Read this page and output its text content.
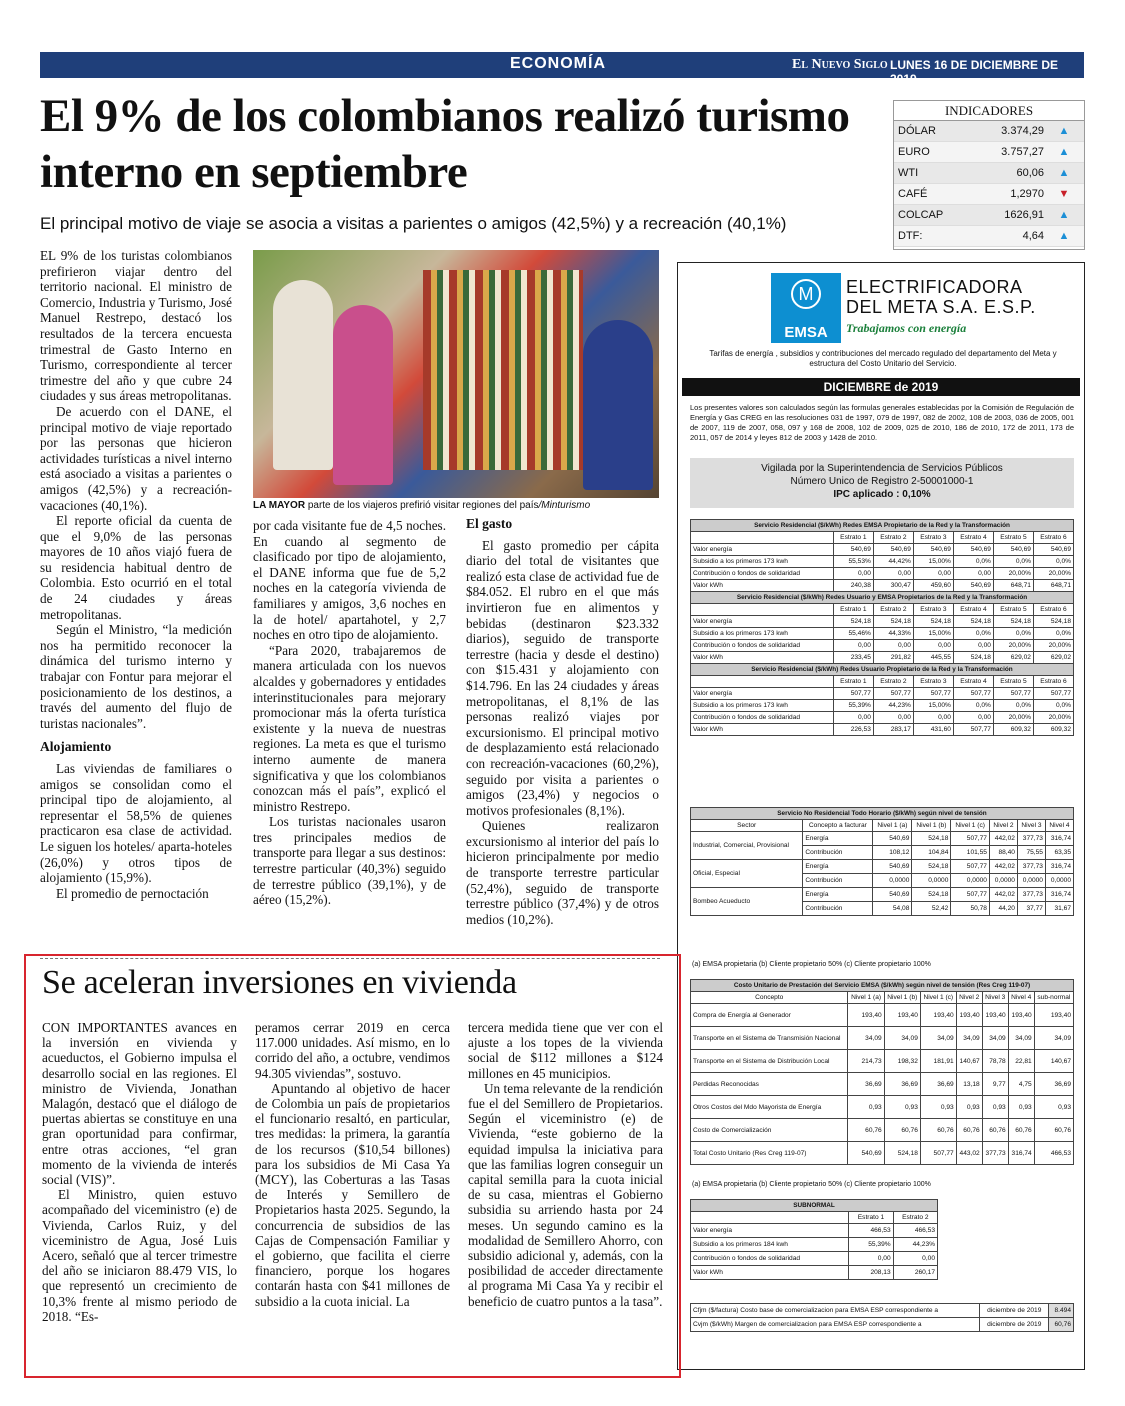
ECONOMÍA	El Nuevo Siglo LUNES 16 DE DICIEMBRE DE 2019
3B
El 9% de los colombianos realizó turismo interno en septiembre
El principal motivo de viaje se asocia a visitas a parientes o amigos (42,5%) y a recreación (40,1%)
INDICADORES
DÓLAR	3.374,29	▲
EURO	3.757,27	▲
WTI	60,06	▲
CAFÉ	1,2970	▼
COLCAP	1626,91	▲
DTF:	4,64	▲

EL 9% de los turistas colombianos prefirieron viajar dentro del territorio nacional. El ministro de Comercio, Industria y Turismo, José Manuel Restrepo, destacó los resultados de la tercera encuesta trimestral de Gasto Interno en Turismo, correspondiente al tercer trimestre del año y que cubre 24 ciudades y sus áreas metropolitanas.

De acuerdo con el DANE, el principal motivo de viaje reportado por las personas que hicieron actividades turísticas a nivel interno está asociado a visitas a parientes o amigos (42,5%) y a recreación-vacaciones (40,1%).

El reporte oficial da cuenta de que el 9,0% de las personas mayores de 10 años viajó fuera de su residencia habitual dentro de Colombia. Esto ocurrió en el total de 24 ciudades y áreas metropolitanas.

Según el Ministro, “la medición nos ha permitido reconocer la dinámica del turismo interno y trabajar con Fontur para mejorar el posicionamiento de los destinos, a través del aumento del flujo de turistas nacionales”.

Alojamiento

Las viviendas de familiares o amigos se consolidan como el principal tipo de alojamiento, al representar el 58,5% de quienes practicaron esa clase de actividad. Le siguen los hoteles/ aparta-hoteles (26,0%) y otros tipos de alojamiento (15,9%).

El promedio de pernoctación

LA MAYOR parte de los viajeros prefirió visitar regiones del país/Minturismo

por cada visitante fue de 4,5 noches. En cuando al segmento de clasificado por tipo de alojamiento, el DANE informa que fue de 5,2 noches en la categoría vivienda de familiares y amigos, 3,6 noches en la de hotel/ apartahotel, y 2,7 noches en otro tipo de alojamiento.

“Para 2020, trabajaremos de manera articulada con los nuevos alcaldes y gobernadores y entidades interinstitucionales para mejorary promocionar más la oferta turística existente y la nueva de nuestras regiones. La meta es que el turismo interno aumente de manera significativa y que los colombianos conozcan más el país”, explicó el ministro Restrepo.

Los turistas nacionales usaron tres principales medios de transporte para llegar a sus destinos: terrestre particular (40,3%) seguido de terrestre público (39,1%), y de aéreo (15,2%).

El gasto

El gasto promedio per cápita diario del total de visitantes que realizó esta clase de actividad fue de $84.052. El rubro en el que más invirtieron fue en alimentos y bebidas (destinaron $23.332 diarios), seguido de transporte terrestre (hacia y desde el destino) con $15.431 y alojamiento con $14.796. En las 24 ciudades y áreas metropolitanas, el 8,1% de las personas realizó viajes por excursionismo. El principal motivo de desplazamiento está relacionado con recreación-vacaciones (60,2%), seguido por visita a parientes o amigos (23,4%) y negocios o motivos profesionales (8,1%).

Quienes realizaron excursionismo al interior del país lo hicieron principalmente por medio de transporte terrestre particular (52,4%), seguido de transporte terrestre público (37,4%) y de otros medios (10,2%).

M
EMSA
ELECTRIFICADORA
DEL META S.A. E.S.P.
Trabajamos con energía
Tarifas de energía , subsidios y contribuciones del mercado regulado del departamento del Meta y estructura del Costo Unitario del Servicio.
DICIEMBRE de 2019
Los presentes valores son calculados según las formulas generales establecidas por la Comisión de Regulación de Energía y Gas CREG en las resoluciones 031 de 1997, 079 de 1997, 082 de 2002, 108 de 2003, 036 de 2005, 001 de 2007, 119 de 2007, 058, 097 y 168 de 2008, 102 de 2009, 025 de 2010, 186 de 2010, 172 de 2011, 173 de 2011, 057 de 2014 y leyes 812 de 2003 y 1428 de 2010.
Vigilada por la Superintendencia de Servicios Públicos
Número Unico de Registro 2-50001000-1
IPC aplicado : 0,10%
Servicio Residencial ($/kWh) Redes EMSA Propietario de la Red y la Transformación						
	Estrato 1	Estrato 2	Estrato 3	Estrato 4	Estrato 5	Estrato 6
Valor energía	540,69	540,69	540,69	540,69	540,69	540,69
Subsidio a los primeros 173 kwh	55,53%	44,42%	15,00%	0,0%	0,0%	0,0%
Contribución o fondos de solidaridad	0,00	0,00	0,00	0,00	20,00%	20,00%
Valor kWh	240,38	300,47	459,60	540,69	648,71	648,71
Servicio Residencial ($/kWh) Redes Usuario y EMSA Propietarios de la Red y la Transformación						
	Estrato 1	Estrato 2	Estrato 3	Estrato 4	Estrato 5	Estrato 6
Valor energía	524,18	524,18	524,18	524,18	524,18	524,18
Subsidio a los primeros 173 kwh	55,46%	44,33%	15,00%	0,0%	0,0%	0,0%
Contribución o fondos de solidaridad	0,00	0,00	0,00	0,00	20,00%	20,00%
Valor kWh	233,45	291,82	445,55	524,18	629,02	629,02
Servicio Residencial ($/kWh) Redes Usuario Propietario de la Red y la Transformación						
	Estrato 1	Estrato 2	Estrato 3	Estrato 4	Estrato 5	Estrato 6
Valor energía	507,77	507,77	507,77	507,77	507,77	507,77
Subsidio a los primeros 173 kwh	55,39%	44,23%	15,00%	0,0%	0,0%	0,0%
Contribución o fondos de solidaridad	0,00	0,00	0,00	0,00	20,00%	20,00%
Valor kWh	226,53	283,17	431,60	507,77	609,32	609,32
Servicio No Residencial Todo Horario ($/kWh) según nivel de tensión							
Sector	Concepto a facturar	Nivel 1 (a)	Nivel 1 (b)	Nivel 1 (c)	Nivel 2	Nivel 3	Nivel 4
Industrial, Comercial, Provisional	Energía	540,69	524,18	507,77	442,02	377,73	316,74
	Contribución	108,12	104,84	101,55	88,40	75,55	63,35
Oficial, Especial	Energía	540,69	524,18	507,77	442,02	377,73	316,74
	Contribución	0,0000	0,0000	0,0000	0,0000	0,0000	0,0000
Bombeo Acueducto	Energía	540,69	524,18	507,77	442,02	377,73	316,74
	Contribución	54,08	52,42	50,78	44,20	37,77	31,67
(a) EMSA propietaria (b) Cliente propietario 50% (c) Cliente propietario 100%
Costo Unitario de Prestación del Servicio EMSA ($/kWh) según nivel de tensión (Res Creg 119-07)							
Concepto	Nivel 1 (a)	Nivel 1 (b)	Nivel 1 (c)	Nivel 2	Nivel 3	Nivel 4	sub-normal
Compra de Energía al Generador	193,40	193,40	193,40	193,40	193,40	193,40	193,40
Transporte en el Sistema de Transmisión Nacional	34,09	34,09	34,09	34,09	34,09	34,09	34,09
Transporte en el Sistema de Distribución Local	214,73	198,32	181,91	140,67	78,78	22,81	140,67
Perdidas Reconocidas	36,69	36,69	36,69	13,18	9,77	4,75	36,69
Otros Costos del Mdo Mayorista de Energía	0,93	0,93	0,93	0,93	0,93	0,93	0,93
Costo de Comercialización	60,76	60,76	60,76	60,76	60,76	60,76	60,76
Total Costo Unitario (Res Creg 119-07)	540,69	524,18	507,77	443,02	377,73	316,74	466,53
(a) EMSA propietaria (b) Cliente propietario 50% (c) Cliente propietario 100%
SUBNORMAL		
	Estrato 1	Estrato 2
Valor energía	466,53	466,53
Subsidio a los primeros 184 kwh	55,39%	44,23%
Contribución o fondos de solidaridad	0,00	0,00
Valor kWh	208,13	260,17
Cfjm ($/factura) Costo base de comercializacion para EMSA ESP correspondiente a	diciembre de 2019	8.494
Cvjm ($/kWh) Margen de comercializacion para EMSA ESP correspondiente a	diciembre de 2019	60,76
Se aceleran inversiones en vivienda

CON IMPORTANTES avances en la inversión en vivienda y acueductos, el Gobierno impulsa el desarrollo social en las regiones. El ministro de Vivienda, Jonathan Malagón, destacó que el diálogo de puertas abiertas se constituye en una gran oportunidad para confirmar, entre otras acciones, “el gran momento de la vivienda de interés social (VIS)”.

El Ministro, quien estuvo acompañado del viceministro (e) de Vivienda, Carlos Ruiz, y del viceministro de Agua, José Luis Acero, señaló que al tercer trimestre del año se iniciaron 88.479 VIS, lo que representó un crecimiento de 10,3% frente al mismo periodo de 2018. “Es-

peramos cerrar 2019 en cerca 117.000 unidades. Así mismo, en lo corrido del año, a octubre, vendimos 94.305 viviendas”, sostuvo.

Apuntando al objetivo de hacer de Colombia un país de propietarios el funcionario resaltó, en particular, tres medidas: la primera, la garantía de los recursos ($10,54 billones) para los subsidios de Mi Casa Ya (MCY), las Coberturas a las Tasas de Interés y Semillero de Propietarios hasta 2025. Segundo, la concurrencia de subsidios de las Cajas de Compensación Familiar y el gobierno, que facilita el cierre financiero, porque los hogares contarán hasta con $41 millones de subsidio a la cuota inicial. La

tercera medida tiene que ver con el ajuste a los topes de la vivienda social de $112 millones a $124 millones en 45 municipios.

Un tema relevante de la rendición fue el del Semillero de Propietarios. Según el viceministro (e) de Vivienda, “este gobierno de la equidad impulsa la iniciativa para que las familias logren conseguir un capital semilla para la cuota inicial de su casa, mientras el Gobierno subsidia su arriendo hasta por 24 meses. Un segundo camino es la modalidad de Semillero Ahorro, con subsidio adicional y, además, con la posibilidad de acceder directamente al programa Mi Casa Ya y recibir el beneficio de cuatro puntos a la tasa”.
